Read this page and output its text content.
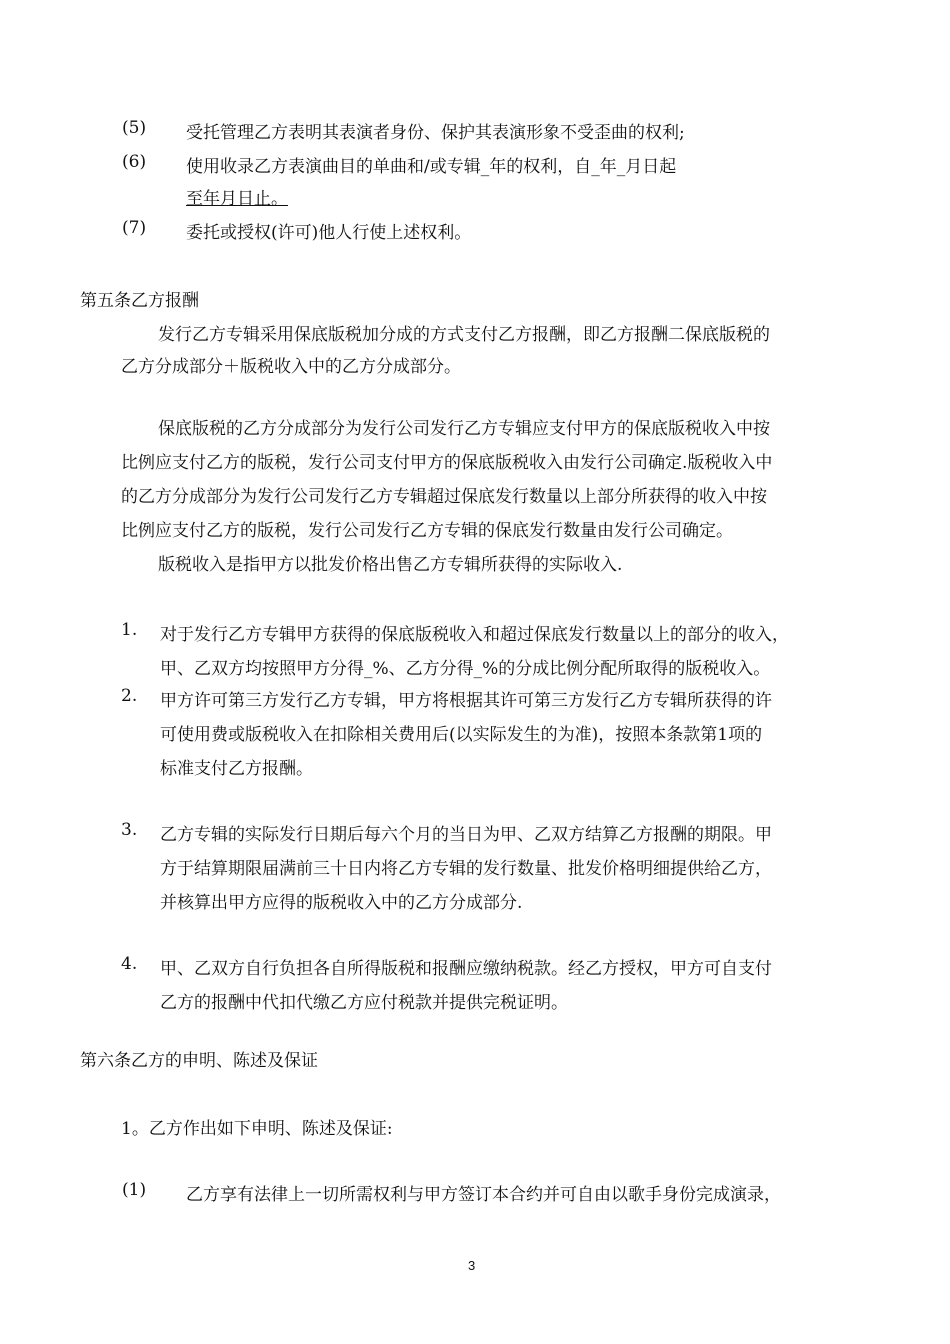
(5) 受托管理乙方表明其表演者身份、保护其表演形象不受歪曲的权利;
(6) 使用收录乙方表演曲目的单曲和/或专辑_年的权利，自_年_月日起
至年月日止。
(7) 委托或授权(许可)他人行使上述权利。
第五条乙方报酬
发行乙方专辑采用保底版税加分成的方式支付乙方报酬，即乙方报酬二保底版税的
乙方分成部分＋版税收入中的乙方分成部分。
保底版税的乙方分成部分为发行公司发行乙方专辑应支付甲方的保底版税收入中按
比例应支付乙方的版税，发行公司支付甲方的保底版税收入由发行公司确定.版税收入中
的乙方分成部分为发行公司发行乙方专辑超过保底发行数量以上部分所获得的收入中按
比例应支付乙方的版税，发行公司发行乙方专辑的保底发行数量由发行公司确定。
版税收入是指甲方以批发价格出售乙方专辑所获得的实际收入.
1. 对于发行乙方专辑甲方获得的保底版税收入和超过保底发行数量以上的部分的收入，
甲、乙双方均按照甲方分得_%、乙方分得_%的分成比例分配所取得的版税收入。
2. 甲方许可第三方发行乙方专辑，甲方将根据其许可第三方发行乙方专辑所获得的许
可使用费或版税收入在扣除相关费用后(以实际发生的为准)，按照本条款第1项的
标准支付乙方报酬。
3. 乙方专辑的实际发行日期后每六个月的当日为甲、乙双方结算乙方报酬的期限。甲
方于结算期限届满前三十日内将乙方专辑的发行数量、批发价格明细提供给乙方，
并核算出甲方应得的版税收入中的乙方分成部分.
4. 甲、乙双方自行负担各自所得版税和报酬应缴纳税款。经乙方授权，甲方可自支付
乙方的报酬中代扣代缴乙方应付税款并提供完税证明。
第六条乙方的申明、陈述及保证
1。乙方作出如下申明、陈述及保证:
(1) 乙方享有法律上一切所需权利与甲方签订本合约并可自由以歌手身份完成演录，
3
